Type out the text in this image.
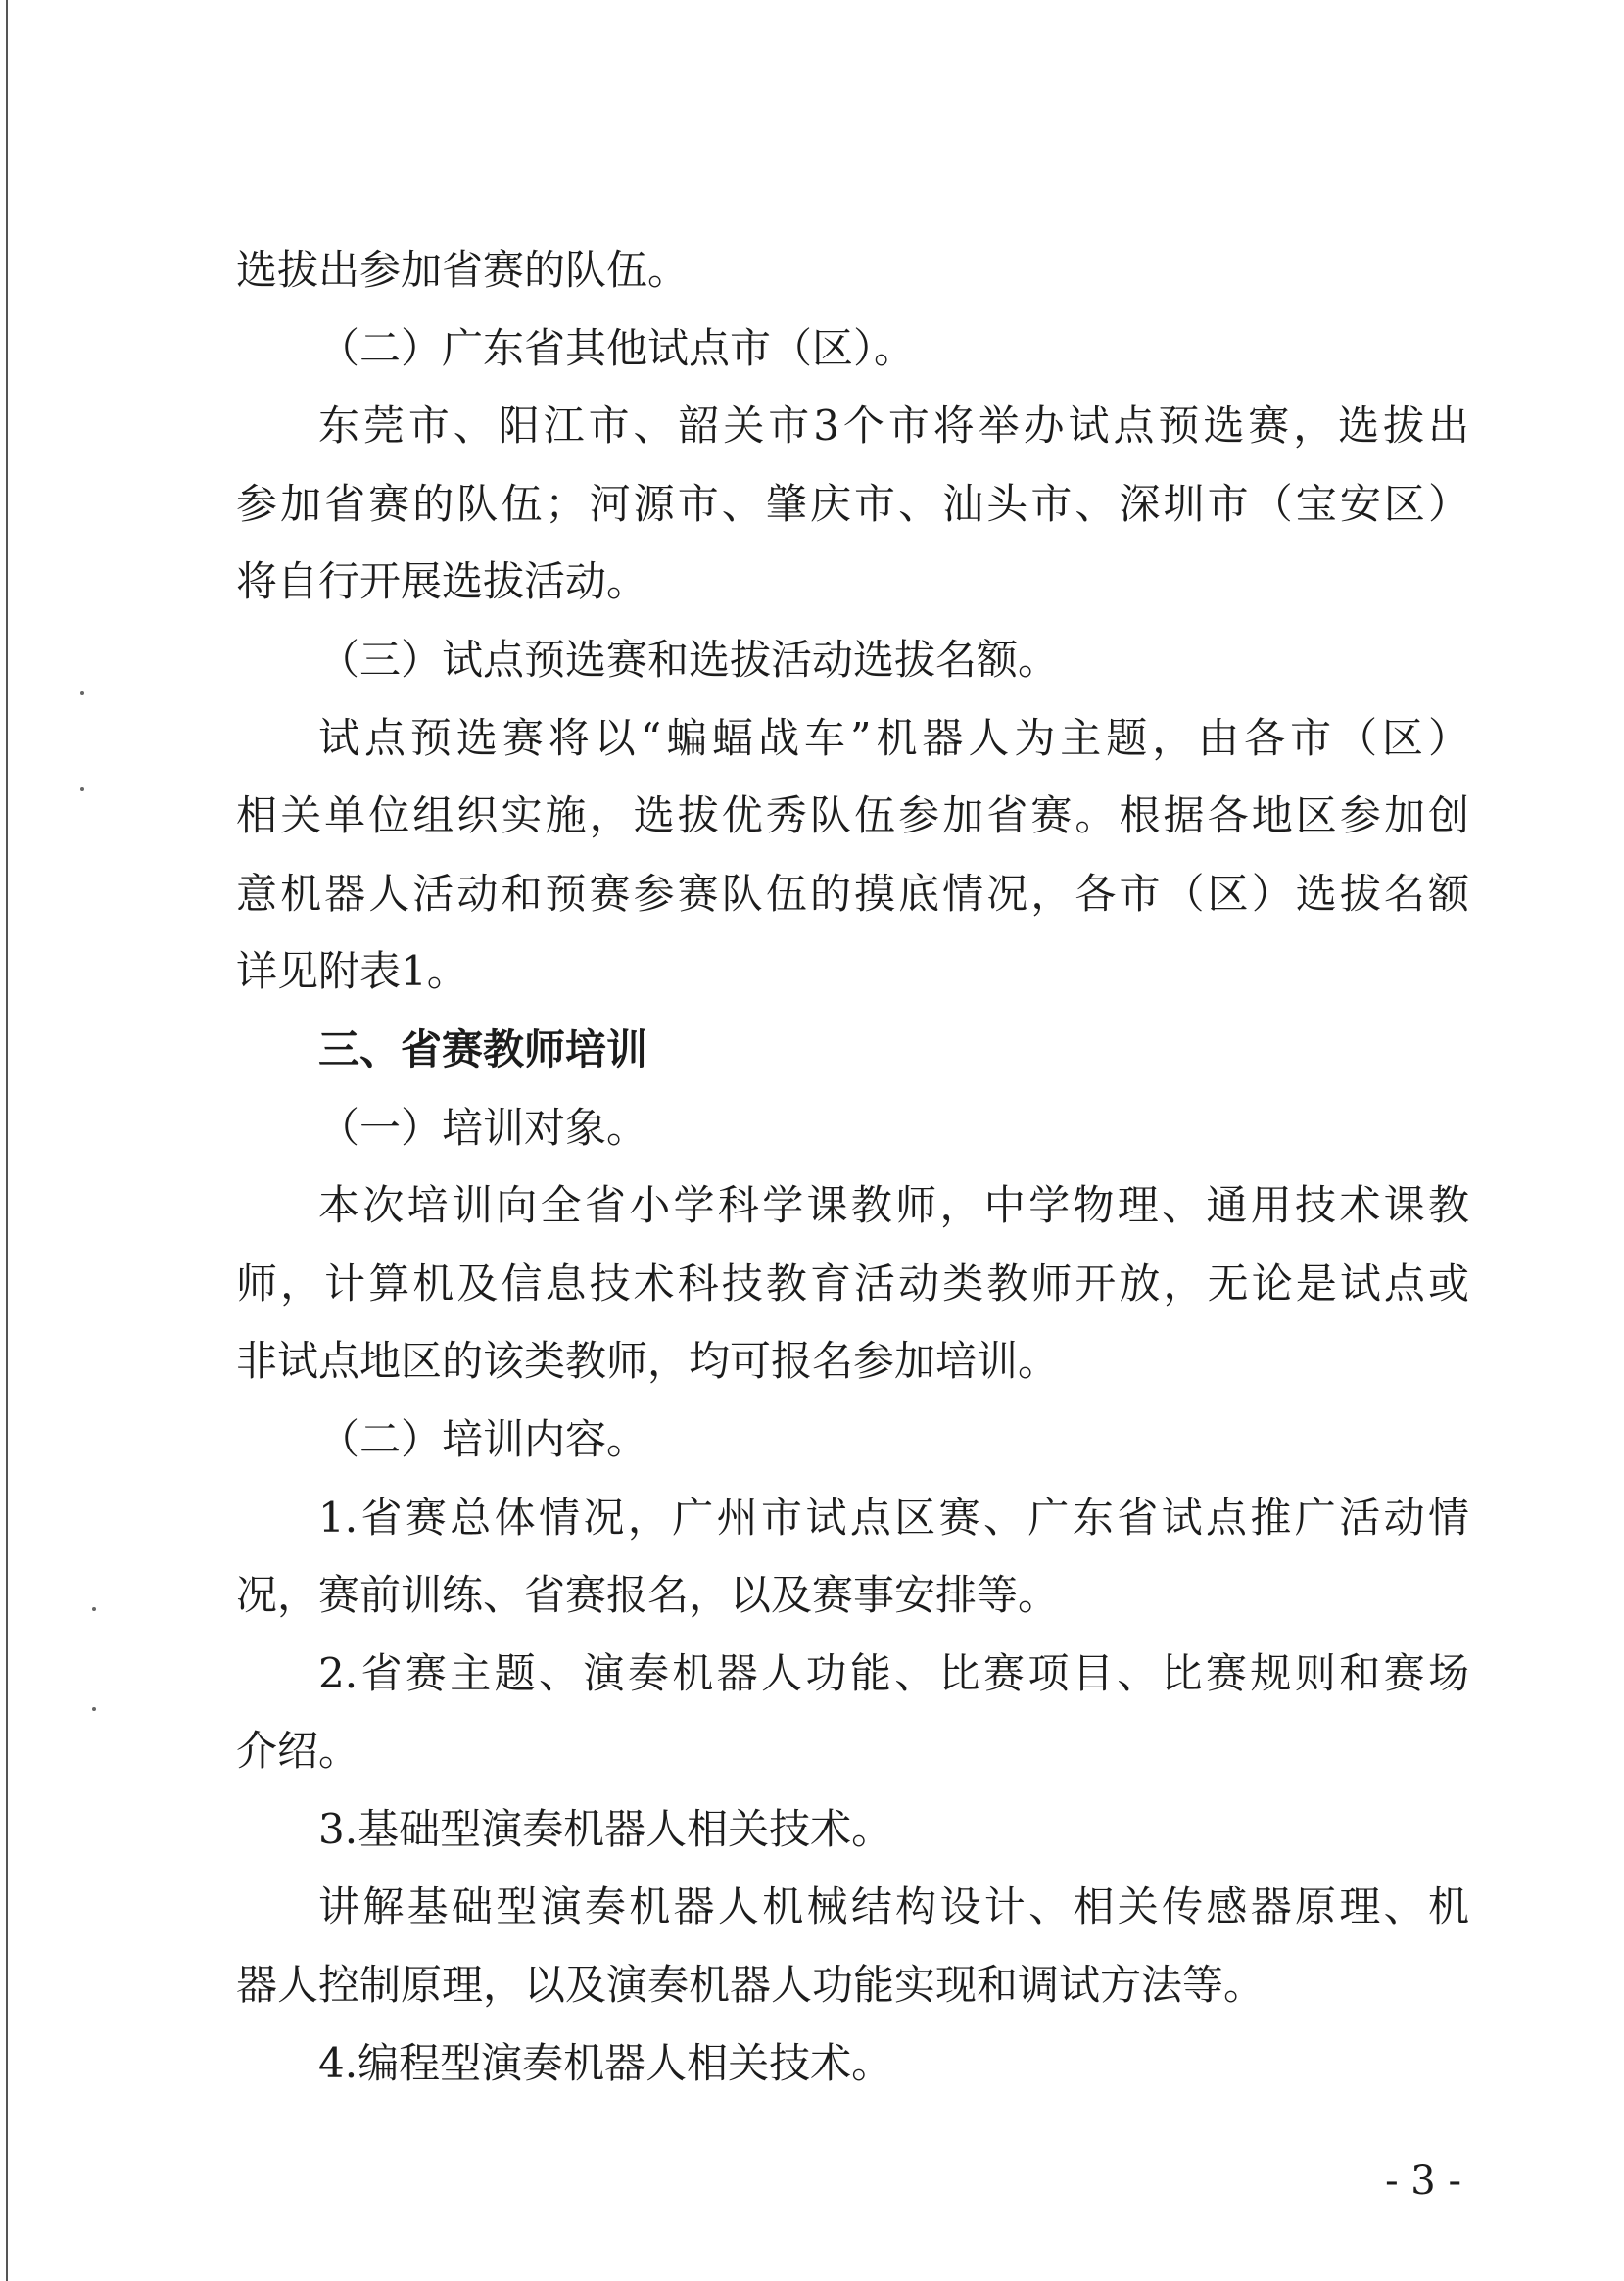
选拔出参加省赛的队伍。
（二）广东省其他试点市（区）。
东莞市、阳江市、韶关市3个市将举办试点预选赛，选拔出
参加省赛的队伍；河源市、肇庆市、汕头市、深圳市（宝安区）
将自行开展选拔活动。
（三）试点预选赛和选拔活动选拔名额。
试点预选赛将以“蝙蝠战车”机器人为主题，由各市（区）
相关单位组织实施，选拔优秀队伍参加省赛。根据各地区参加创
意机器人活动和预赛参赛队伍的摸底情况，各市（区）选拔名额
详见附表1。
三、省赛教师培训
（一）培训对象。
本次培训向全省小学科学课教师，中学物理、通用技术课教
师，计算机及信息技术科技教育活动类教师开放，无论是试点或
非试点地区的该类教师，均可报名参加培训。
（二）培训内容。
1.省赛总体情况，广州市试点区赛、广东省试点推广活动情
况，赛前训练、省赛报名，以及赛事安排等。
2.省赛主题、演奏机器人功能、比赛项目、比赛规则和赛场
介绍。
3.基础型演奏机器人相关技术。
讲解基础型演奏机器人机械结构设计、相关传感器原理、机
器人控制原理，以及演奏机器人功能实现和调试方法等。
4.编程型演奏机器人相关技术。
- 3 -
